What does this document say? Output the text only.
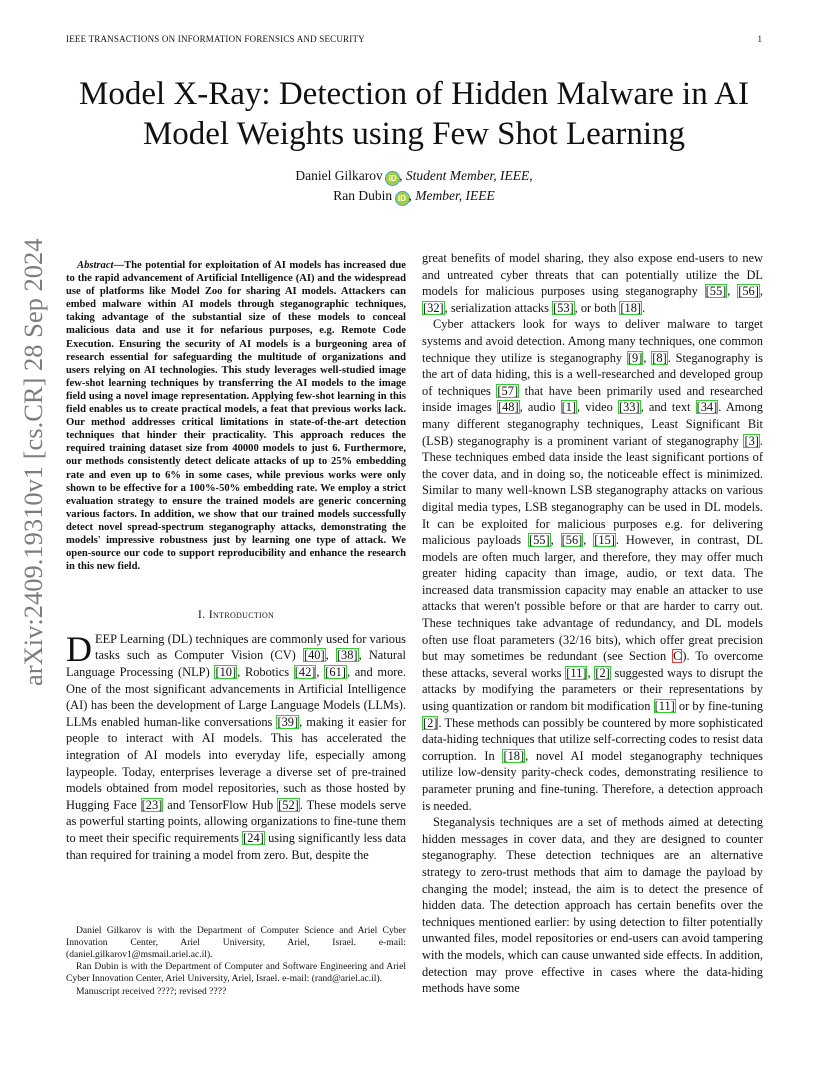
IEEE TRANSACTIONS ON INFORMATION FORENSICS AND SECURITY	1
arXiv:2409.19310v1 [cs.CR] 28 Sep 2024
Model X-Ray: Detection of Hidden Malware in AI Model Weights using Few Shot Learning
Daniel Gilkarov iD , Student Member, IEEE,
Ran Dubin iD , Member, IEEE

Abstract—The potential for exploitation of AI models has increased due to the rapid advancement of Artificial Intelligence (AI) and the widespread use of platforms like Model Zoo for sharing AI models. Attackers can embed malware within AI models through steganographic techniques, taking advantage of the substantial size of these models to conceal malicious data and use it for nefarious purposes, e.g. Remote Code Execution. Ensuring the security of AI models is a burgeoning area of research essential for safeguarding the multitude of organizations and users relying on AI technologies. This study leverages well-studied image few-shot learning techniques by transferring the AI models to the image field using a novel image representation. Applying few-shot learning in this field enables us to create practical models, a feat that previous works lack. Our method addresses critical limitations in state-of-the-art detection techniques that hinder their practicality. This approach reduces the required training dataset size from 40000 models to just 6. Furthermore, our methods consistently detect delicate attacks of up to 25% embedding rate and even up to 6% in some cases, while previous works were only shown to be effective for a 100%-50% embedding rate. We employ a strict evaluation strategy to ensure the trained models are generic concerning various factors. In addition, we show that our trained models successfully detect novel spread-spectrum steganography attacks, demonstrating the models' impressive robustness just by learning one type of attack. We open-source our code to support reproducibility and enhance the research in this new field.

I. Introduction

DEEP Learning (DL) techniques are commonly used for various tasks such as Computer Vision (CV) [40], [38], Natural Language Processing (NLP) [10], Robotics [42], [61], and more. One of the most significant advancements in Artificial Intelligence (AI) has been the development of Large Language Models (LLMs). LLMs enabled human-like conversations [39], making it easier for people to interact with AI models. This has accelerated the integration of AI models into everyday life, especially among laypeople. Today, enterprises leverage a diverse set of pre-trained models obtained from model repositories, such as those hosted by Hugging Face [23] and TensorFlow Hub [52]. These models serve as powerful starting points, allowing organizations to fine-tune them to meet their specific requirements [24] using significantly less data than required for training a model from zero. But, despite the

great benefits of model sharing, they also expose end-users to new and untreated cyber threats that can potentially utilize the DL models for malicious purposes using steganography [55], [56], [32], serialization attacks [53], or both [18].

Cyber attackers look for ways to deliver malware to target systems and avoid detection. Among many techniques, one common technique they utilize is steganography [9], [8]. Steganography is the art of data hiding, this is a well-researched and developed group of techniques [57] that have been primarily used and researched inside images [48], audio [1], video [33], and text [34]. Among many different steganography techniques, Least Significant Bit (LSB) steganography is a prominent variant of steganography [3]. These techniques embed data inside the least significant portions of the cover data, and in doing so, the noticeable effect is minimized. Similar to many well-known LSB steganography attacks on various digital media types, LSB steganography can be used in DL models. It can be exploited for malicious purposes e.g. for delivering malicious payloads [55], [56], [15]. However, in contrast, DL models are often much larger, and therefore, they may offer much greater hiding capacity than image, audio, or text data. The increased data transmission capacity may enable an attacker to use attacks that weren't possible before or that are harder to carry out. These techniques take advantage of redundancy, and DL models often use float parameters (32/16 bits), which offer great precision but may sometimes be redundant (see Section C). To overcome these attacks, several works [11], [2] suggested ways to disrupt the attacks by modifying the parameters or their representations by using quantization or random bit modification [11] or by fine-tuning [2]. These methods can possibly be countered by more sophisticated data-hiding techniques that utilize self-correcting codes to resist data corruption. In [18], novel AI model steganography techniques utilize low-density parity-check codes, demonstrating resilience to parameter pruning and fine-tuning. Therefore, a detection approach is needed.

Steganalysis techniques are a set of methods aimed at detecting hidden messages in cover data, and they are designed to counter steganography. These detection techniques are an alternative strategy to zero-trust methods that aim to damage the payload by changing the model; instead, the aim is to detect the presence of hidden data. The detection approach has certain benefits over the techniques mentioned earlier: by using detection to filter potentially unwanted files, model repositories or end-users can avoid tampering with the models, which can cause unwanted side effects. In addition, detection may prove effective in cases where the data-hiding methods have some

Daniel Gilkarov is with the Department of Computer Science and Ariel Cyber Innovation Center, Ariel University, Ariel, Israel. e-mail: (daniel.gilkarov1@msmail.ariel.ac.il).

Ran Dubin is with the Department of Computer and Software Engineering and Ariel Cyber Innovation Center, Ariel University, Ariel, Israel. e-mail: (rand@ariel.ac.il).

Manuscript received ????; revised ????
